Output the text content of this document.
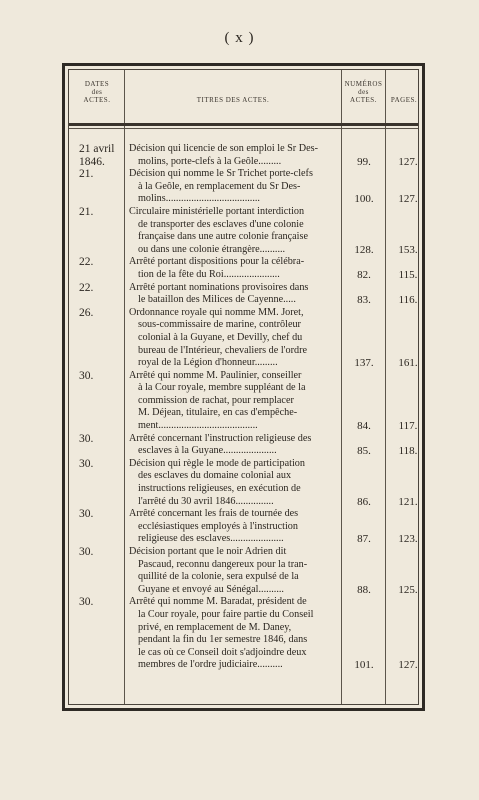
( x )
DATES
des
ACTES.	TITRES DES ACTES.
NUMÉROS
des
ACTES.	PAGES.
21 avril
1846.
Décision qui licencie de son emploi le Sr Des-
molins, porte-clefs à la Geôle.........	99.	127.
21.	Décision qui nomme le Sr Trichet porte-clefs
à la Geôle, en remplacement du Sr Des-
molins.....................................	100.	127.
21.	Circulaire ministérielle portant interdiction
de transporter des esclaves d'une colonie
française dans une autre colonie française
ou dans une colonie étrangère..........	128.	153.
22.	Arrêté portant dispositions pour la célébra-
tion de la fête du Roi......................	82.	115.
22.	Arrêté portant nominations provisoires dans
le bataillon des Milices de Cayenne.....	83.	116.
26.	Ordonnance royale qui nomme MM. Joret,
sous-commissaire de marine, contrôleur
colonial à la Guyane, et Devilly, chef du
bureau de l'Intérieur, chevaliers de l'ordre
royal de la Légion d'honneur.........	137.	161.
30.	Arrêté qui nomme M. Paulinier, conseiller
à la Cour royale, membre suppléant de la
commission de rachat, pour remplacer
M. Déjean, titulaire, en cas d'empêche-
ment.......................................	84.	117.
30.	Arrêté concernant l'instruction religieuse des
esclaves à la Guyane.....................	85.	118.
30.	Décision qui règle le mode de participation
des esclaves du domaine colonial aux
instructions religieuses, en exécution de
l'arrêté du 30 avril 1846...............	86.	121.
30.	Arrêté concernant les frais de tournée des
ecclésiastiques employés à l'instruction
religieuse des esclaves.....................	87.	123.
30.	Décision portant que le noir Adrien dit
Pascaud, reconnu dangereux pour la tran-
quillité de la colonie, sera expulsé de la
Guyane et envoyé au Sénégal..........	88.	125.
30.	Arrêté qui nomme M. Baradat, président de
la Cour royale, pour faire partie du Conseil
privé, en remplacement de M. Daney,
pendant la fin du 1er semestre 1846, dans
le cas où ce Conseil doit s'adjoindre deux
membres de l'ordre judiciaire..........	101.	127.
